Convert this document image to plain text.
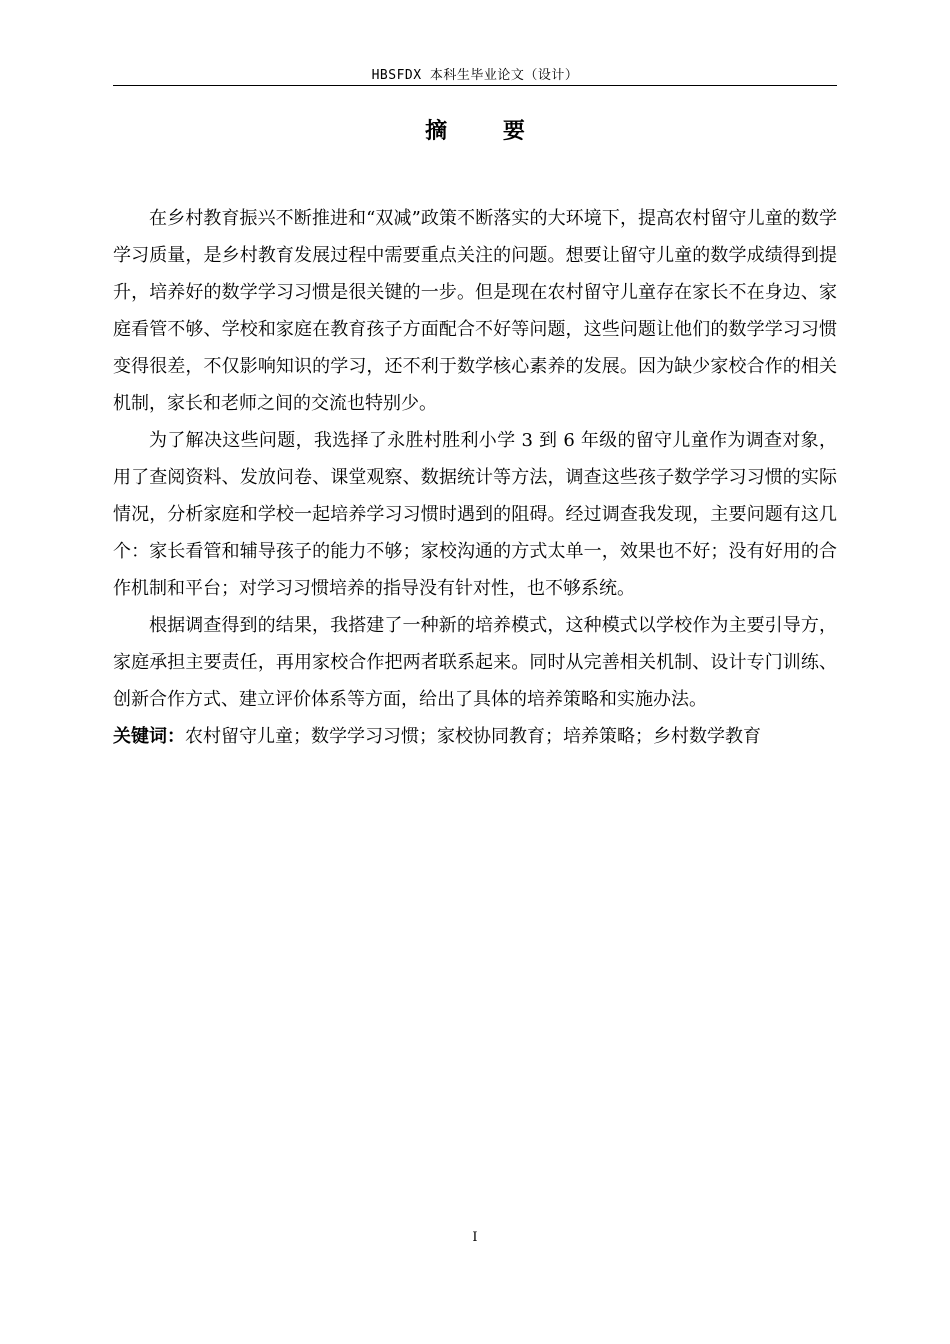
HBSFDX 本科生毕业论文（设计）
摘 要

在乡村教育振兴不断推进和“双减”政策不断落实的大环境下，提高农村留守儿童的数学学习质量，是乡村教育发展过程中需要重点关注的问题。想要让留守儿童的数学成绩得到提升，培养好的数学学习习惯是很关键的一步。但是现在农村留守儿童存在家长不在身边、家庭看管不够、学校和家庭在教育孩子方面配合不好等问题，这些问题让他们的数学学习习惯变得很差，不仅影响知识的学习，还不利于数学核心素养的发展。因为缺少家校合作的相关机制，家长和老师之间的交流也特别少。

为了解决这些问题，我选择了永胜村胜利小学 3 到 6 年级的留守儿童作为调查对象，用了查阅资料、发放问卷、课堂观察、数据统计等方法，调查这些孩子数学学习习惯的实际情况，分析家庭和学校一起培养学习习惯时遇到的阻碍。经过调查我发现，主要问题有这几个：家长看管和辅导孩子的能力不够；家校沟通的方式太单一，效果也不好；没有好用的合作机制和平台；对学习习惯培养的指导没有针对性，也不够系统。

根据调查得到的结果，我搭建了一种新的培养模式，这种模式以学校作为主要引导方，家庭承担主要责任，再用家校合作把两者联系起来。同时从完善相关机制、设计专门训练、创新合作方式、建立评价体系等方面，给出了具体的培养策略和实施办法。

关键词：农村留守儿童；数学学习习惯；家校协同教育；培养策略；乡村数学教育

I
